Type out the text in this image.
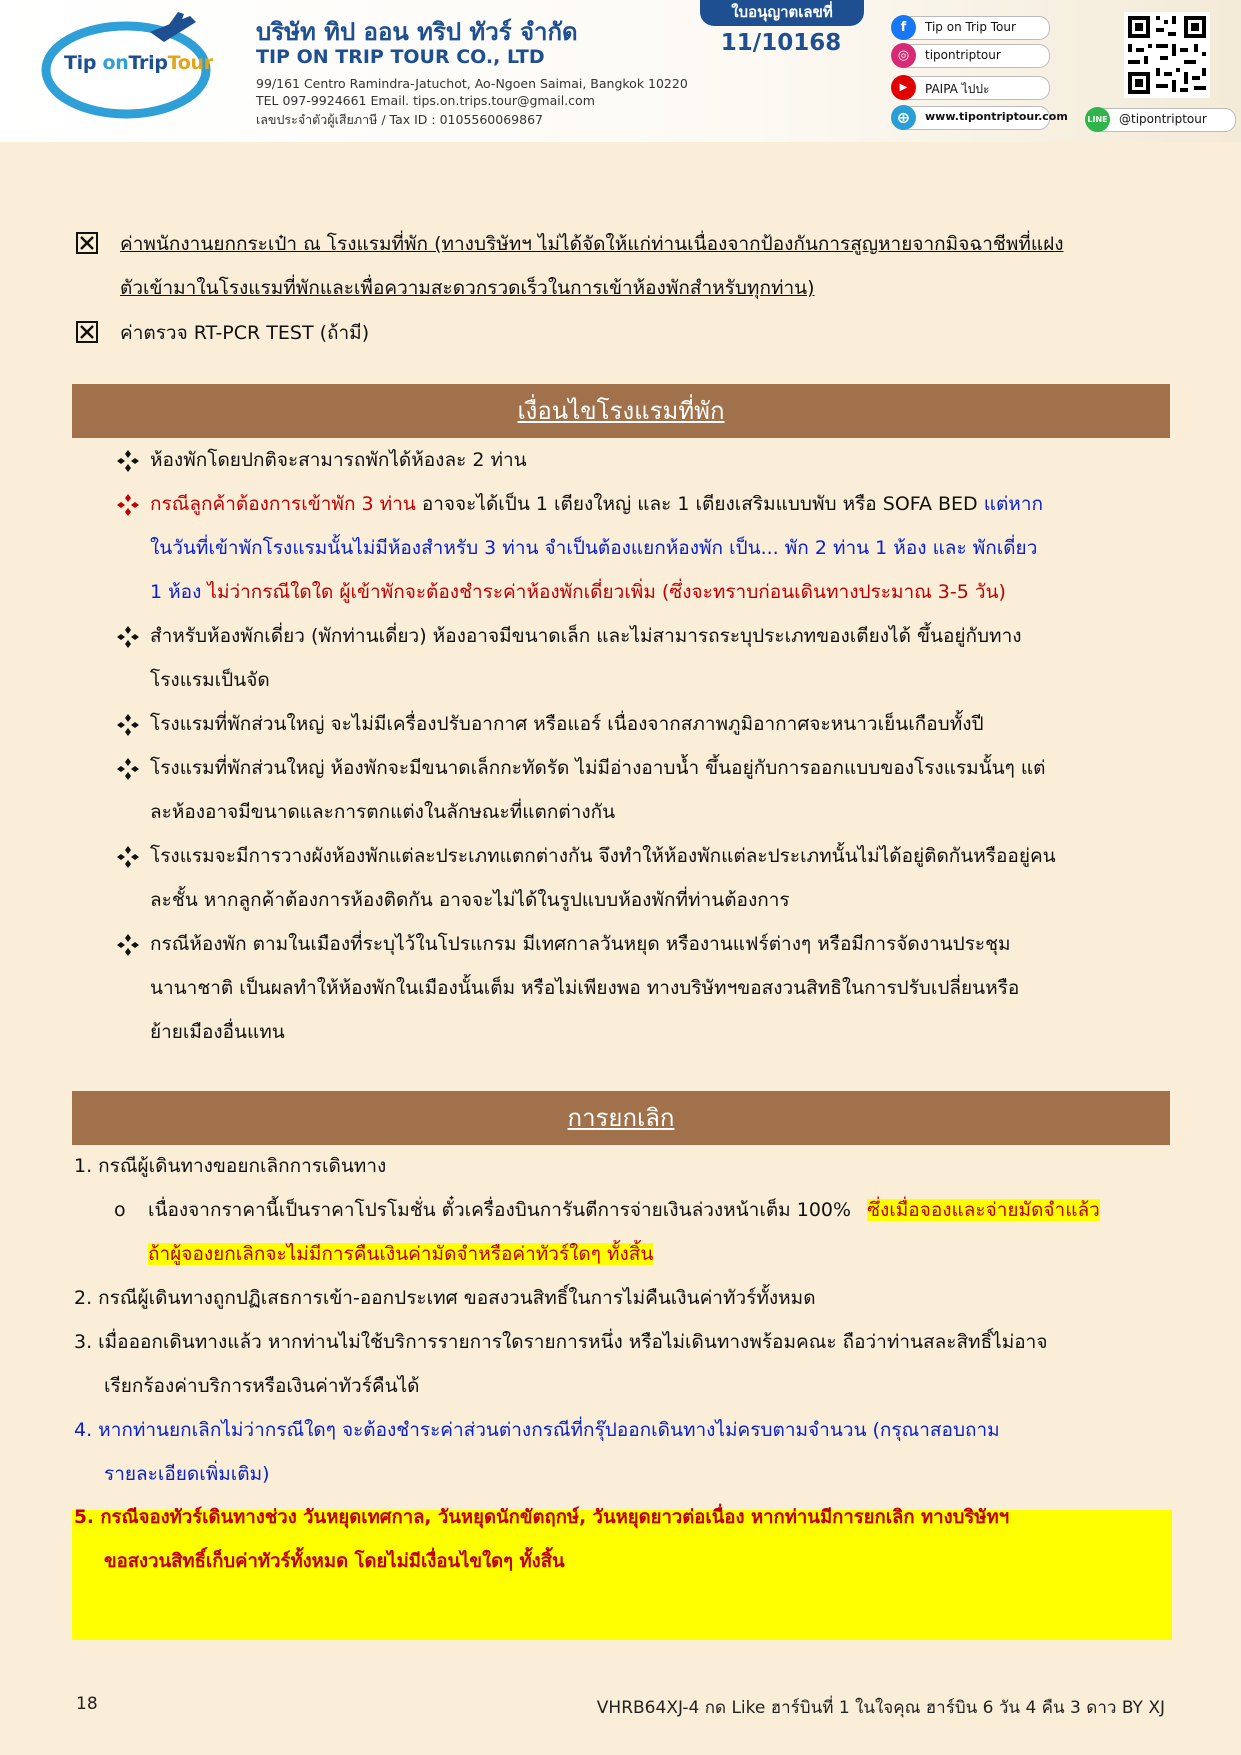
Tip onTripTour
บริษัท ทิป ออน ทริป ทัวร์ จำกัด
TIP ON TRIP TOUR CO., LTD
99/161 Centro Ramindra-Jatuchot, Ao-Ngoen Saimai, Bangkok 10220
TEL 097-9924661 Email. tips.on.trips.tour@gmail.com
เลขประจำตัวผู้เสียภาษี / Tax ID : 0105560069867
ใบอนุญาตเลขที่
11/10168
f	Tip on Trip Tour
◎	tipontriptour
▶	PAIPA ไปปะ
⊕	www.tipontriptour.com LINE @tipontriptour
ค่าพนักงานยกกระเป๋า ณ โรงแรมที่พัก (ทางบริษัทฯ ไม่ได้จัดให้แก่ท่านเนื่องจากป้องกันการสูญหายจากมิจฉาชีพที่แฝง
ตัวเข้ามาในโรงแรมที่พักและเพื่อความสะดวกรวดเร็วในการเข้าห้องพักสำหรับทุกท่าน)
ค่าตรวจ RT-PCR TEST (ถ้ามี)
เงื่อนไขโรงแรมที่พัก
ห้องพักโดยปกติจะสามารถพักได้ห้องละ 2 ท่าน
กรณีลูกค้าต้องการเข้าพัก 3 ท่าน อาจจะได้เป็น 1 เตียงใหญ่ และ 1 เตียงเสริมแบบพับ หรือ SOFA BED แต่หาก
ในวันที่เข้าพักโรงแรมนั้นไม่มีห้องสำหรับ 3 ท่าน จำเป็นต้องแยกห้องพัก เป็น... พัก 2 ท่าน 1 ห้อง และ พักเดี่ยว
1 ห้อง ไม่ว่ากรณีใดใด ผู้เข้าพักจะต้องชำระค่าห้องพักเดี่ยวเพิ่ม (ซึ่งจะทราบก่อนเดินทางประมาณ 3-5 วัน)
สำหรับห้องพักเดี่ยว (พักท่านเดี่ยว) ห้องอาจมีขนาดเล็ก และไม่สามารถระบุประเภทของเตียงได้ ขึ้นอยู่กับทาง
โรงแรมเป็นจัด
โรงแรมที่พักส่วนใหญ่ จะไม่มีเครื่องปรับอากาศ หรือแอร์ เนื่องจากสภาพภูมิอากาศจะหนาวเย็นเกือบทั้งปี
โรงแรมที่พักส่วนใหญ่ ห้องพักจะมีขนาดเล็กกะทัดรัด ไม่มีอ่างอาบน้ำ ขึ้นอยู่กับการออกแบบของโรงแรมนั้นๆ แต่
ละห้องอาจมีขนาดและการตกแต่งในลักษณะที่แตกต่างกัน
โรงแรมจะมีการวางผังห้องพักแต่ละประเภทแตกต่างกัน จึงทำให้ห้องพักแต่ละประเภทนั้นไม่ได้อยู่ติดกันหรืออยู่คน
ละชั้น หากลูกค้าต้องการห้องติดกัน อาจจะไม่ได้ในรูปแบบห้องพักที่ท่านต้องการ
กรณีห้องพัก ตามในเมืองที่ระบุไว้ในโปรแกรม มีเทศกาลวันหยุด หรืองานแฟร์ต่างๆ หรือมีการจัดงานประชุม
นานาชาติ เป็นผลทำให้ห้องพักในเมืองนั้นเต็ม หรือไม่เพียงพอ ทางบริษัทฯขอสงวนสิทธิในการปรับเปลี่ยนหรือ
ย้ายเมืองอื่นแทน
การยกเลิก
1. กรณีผู้เดินทางขอยกเลิกการเดินทาง
o เนื่องจากราคานี้เป็นราคาโปรโมชั่น ตั๋วเครื่องบินการันตีการจ่ายเงินล่วงหน้าเต็ม 100% ซึ่งเมื่อจองและจ่ายมัดจำแล้ว
ถ้าผู้จองยกเลิกจะไม่มีการคืนเงินค่ามัดจำหรือค่าทัวร์ใดๆ ทั้งสิ้น
2. กรณีผู้เดินทางถูกปฏิเสธการเข้า-ออกประเทศ ขอสงวนสิทธิ์ในการไม่คืนเงินค่าทัวร์ทั้งหมด
3. เมื่อออกเดินทางแล้ว หากท่านไม่ใช้บริการรายการใดรายการหนึ่ง หรือไม่เดินทางพร้อมคณะ ถือว่าท่านสละสิทธิ์ไม่อาจ
เรียกร้องค่าบริการหรือเงินค่าทัวร์คืนได้
4. หากท่านยกเลิกไม่ว่ากรณีใดๆ จะต้องชำระค่าส่วนต่างกรณีที่กรุ๊ปออกเดินทางไม่ครบตามจำนวน (กรุณาสอบถาม
รายละเอียดเพิ่มเติม)
5. กรณีจองทัวร์เดินทางช่วง วันหยุดเทศกาล, วันหยุดนักขัตฤกษ์, วันหยุดยาวต่อเนื่อง หากท่านมีการยกเลิก ทางบริษัทฯ
ขอสงวนสิทธิ์เก็บค่าทัวร์ทั้งหมด โดยไม่มีเงื่อนไขใดๆ ทั้งสิ้น
18	VHRB64XJ-4 กด Like ฮาร์บินที่ 1 ในใจคุณ ฮาร์บิน 6 วัน 4 คืน 3 ดาว BY XJ
